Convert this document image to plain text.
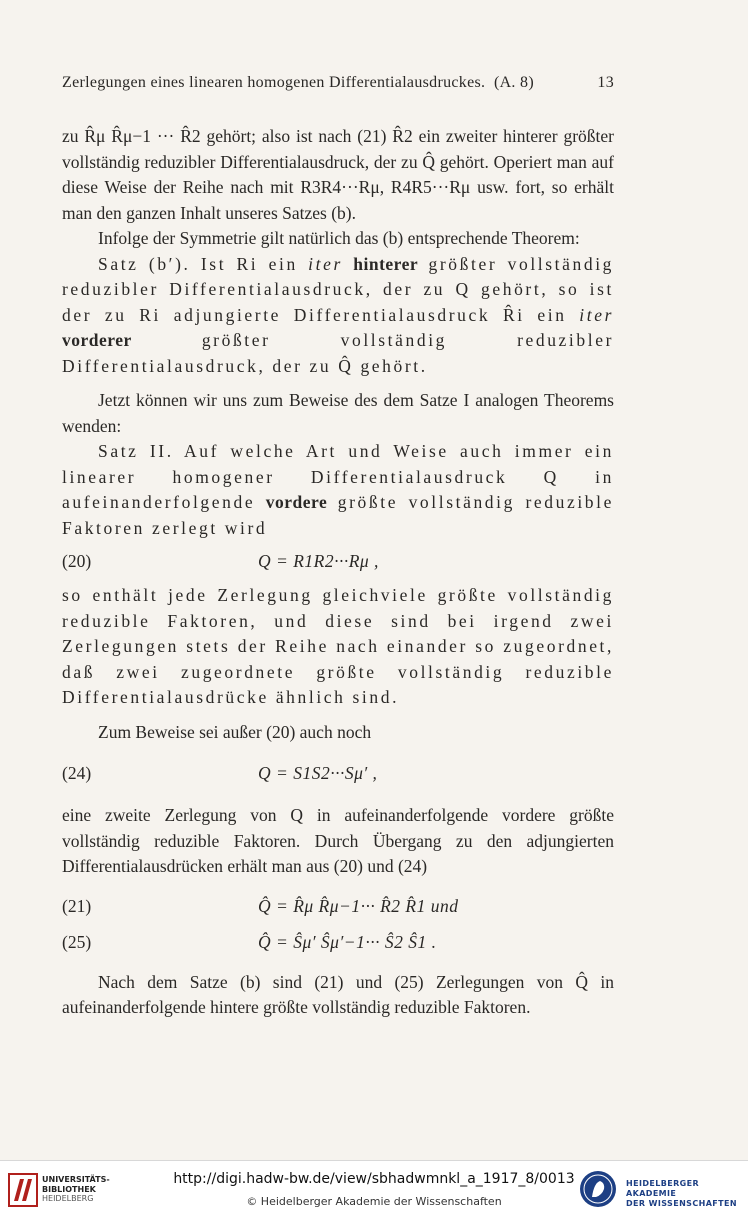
Zerlegungen eines linearen homogenen Differentialausdruckes. (A. 8)	13

zu R̂μ R̂μ−1 ··· R̂2 gehört; also ist nach (21) R̂2 ein zweiter hinterer größter vollständig reduzibler Differentialausdruck, der zu Q̂ gehört. Operiert man auf diese Weise der Reihe nach mit R3R4···Rμ, R4R5···Rμ usw. fort, so erhält man den ganzen Inhalt unseres Satzes (b).

Infolge der Symmetrie gilt natürlich das (b) entsprechende Theorem:

Satz (b′). Ist Ri ein iter hinterer größter vollständig reduzibler Differentialausdruck, der zu Q gehört, so ist der zu Ri adjungierte Differentialausdruck R̂i ein iter vorderer größter vollständig reduzibler Differentialausdruck, der zu Q̂ gehört.

Jetzt können wir uns zum Beweise des dem Satze I analogen Theorems wenden:

Satz II. Auf welche Art und Weise auch immer ein linearer homogener Differentialausdruck Q in aufeinanderfolgende vordere größte vollständig reduzible Faktoren zerlegt wird

(20)	Q = R1R2···Rμ ,

so enthält jede Zerlegung gleichviele größte vollständig reduzible Faktoren, und diese sind bei irgend zwei Zerlegungen stets der Reihe nach einander so zugeordnet, daß zwei zugeordnete größte vollständig reduzible Differentialausdrücke ähnlich sind.

Zum Beweise sei außer (20) auch noch

(24)	Q = S1S2···Sμ′ ,

eine zweite Zerlegung von Q in aufeinanderfolgende vordere größte vollständig reduzible Faktoren. Durch Übergang zu den adjungierten Differentialausdrücken erhält man aus (20) und (24)

(21)	Q̂ = R̂μ R̂μ−1··· R̂2 R̂1 und
(25)	Q̂ = Ŝμ′ Ŝμ′−1··· Ŝ2 Ŝ1 .

Nach dem Satze (b) sind (21) und (25) Zerlegungen von Q̂ in aufeinanderfolgende hintere größte vollständig reduzible Faktoren.

UNIVERSITÄTS-
BIBLIOTHEK
HEIDELBERG
http://digi.hadw-bw.de/view/sbhadwmnkl_a_1917_8/0013
© Heidelberger Akademie der Wissenschaften
HEIDELBERGER AKADEMIE
DER WISSENSCHAFTEN
